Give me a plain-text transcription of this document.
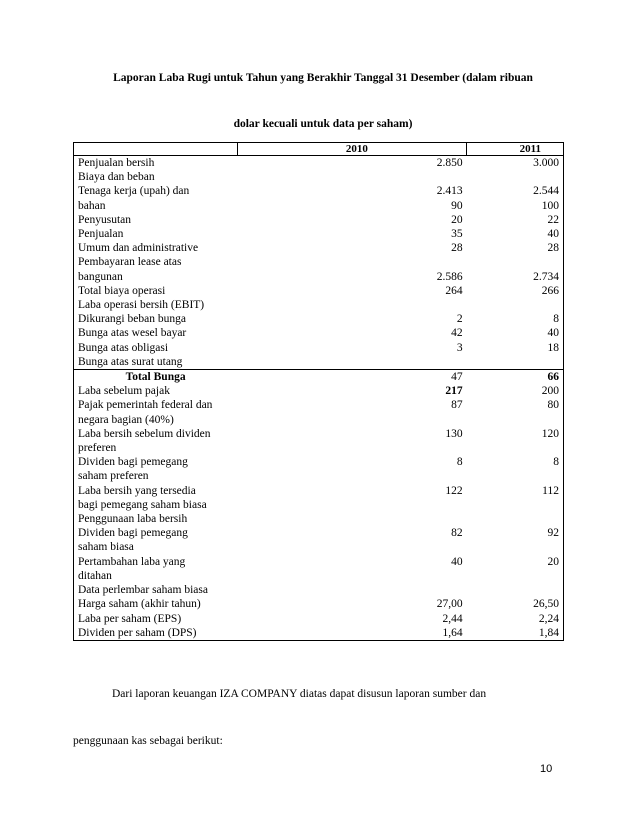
Laporan Laba Rugi untuk Tahun yang Berakhir Tanggal 31 Desember (dalam ribuan
dolar kecuali untuk data per saham)
	2010	2011
Penjualan bersih	2.850	3.000
Biaya dan beban		
Tenaga kerja (upah) dan	2.413	2.544
bahan	90	100
Penyusutan	20	22
Penjualan	35	40
Umum dan administrative	28	28
Pembayaran lease atas		
bangunan	2.586	2.734
Total biaya operasi	264	266
Laba operasi bersih (EBIT)		
Dikurangi beban bunga	2	8
Bunga atas wesel bayar	42	40
Bunga atas obligasi	3	18
Bunga atas surat utang		
Total Bunga	47	66
Laba sebelum pajak	217	200
Pajak pemerintah federal dan	87	80
negara bagian (40%)		
Laba bersih sebelum dividen	130	120
preferen		
Dividen bagi pemegang	8	8
saham preferen		
Laba bersih yang tersedia	122	112
bagi pemegang saham biasa		
Penggunaan laba bersih		
Dividen bagi pemegang	82	92
saham biasa		
Pertambahan laba yang	40	20
ditahan		
Data perlembar saham biasa		
Harga saham (akhir tahun)	27,00	26,50
Laba per saham (EPS)	2,44	2,24
Dividen per saham (DPS)	1,64	1,84
Dari laporan keuangan IZA COMPANY diatas dapat disusun laporan sumber dan
penggunaan kas sebagai berikut:
10
